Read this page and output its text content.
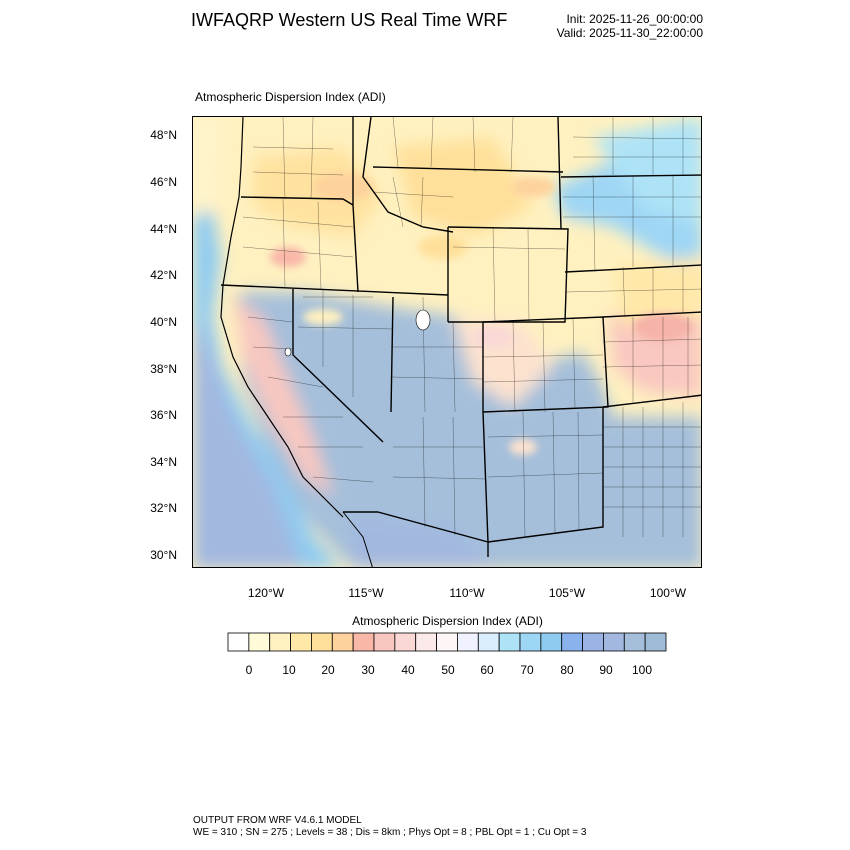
IWFAQRP Western US Real Time WRF	Init: 2025-11-26_00:00:00
Valid: 2025-11-30_22:00:00
Atmospheric Dispersion Index (ADI)
48°N
46°N
44°N
42°N
40°N
38°N
36°N
34°N
32°N
30°N
120°W	115°W	110°W	105°W	100°W
Atmospheric Dispersion Index (ADI)
0	10	20	30	40	50	60	70	80	90	100
OUTPUT FROM WRF V4.6.1 MODEL
WE = 310 ; SN = 275 ; Levels = 38 ; Dis = 8km ; Phys Opt = 8 ; PBL Opt = 1 ; Cu Opt = 3
